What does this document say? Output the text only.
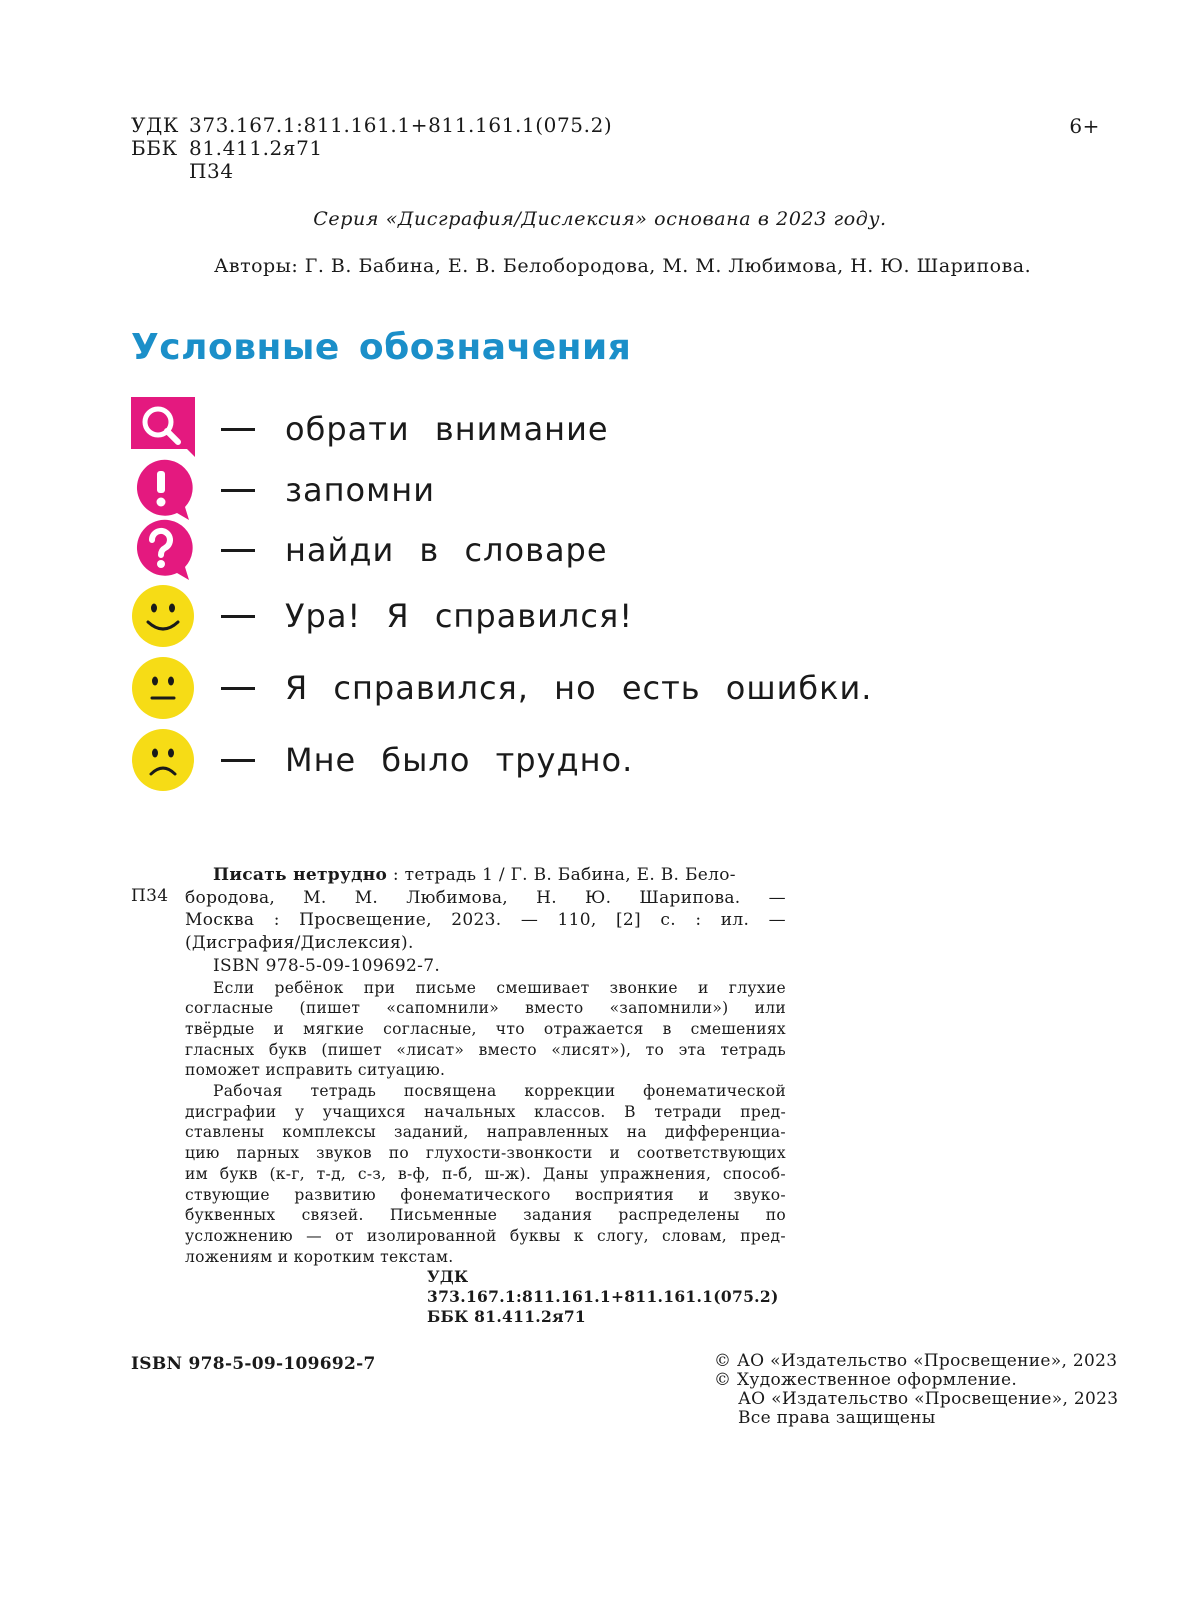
УДК 373.167.1:811.161.1+811.161.1(075.2)
ББК 81.411.2я71
П34
6+
Серия «Дисграфия/Дислексия» основана в 2023 году.
Авторы: Г. В. Бабина, Е. В. Белобородова, М. М. Любимова, Н. Ю. Шарипова.
Условные обозначения
обрати внимание
запомни
найди в словаре
Ура! Я справился!
Я справился, но есть ошибки.
Мне было трудно.
П34
Писать нетрудно : тетрадь 1 / Г. В. Бабина, Е. В. Бело-
бородова, М. М. Любимова, Н. Ю. Шарипова. —
Москва : Просвещение, 2023. — 110, [2] с. : ил. —
(Дисграфия/Дислексия).
ISBN 978-5-09-109692-7.
Если ребёнок при письме смешивает звонкие и глухие
согласные (пишет «сапомнили» вместо «запомнили») или
твёрдые и мягкие согласные, что отражается в смешениях
гласных букв (пишет «лисат» вместо «лисят»), то эта тетрадь
поможет исправить ситуацию.
Рабочая тетрадь посвящена коррекции фонематической
дисграфии у учащихся начальных классов. В тетради пред-
ставлены комплексы заданий, направленных на дифференциа-
цию парных звуков по глухости-звонкости и соответствующих
им букв (к-г, т-д, с-з, в-ф, п-б, ш-ж). Даны упражнения, способ-
ствующие развитию фонематического восприятия и звуко-
буквенных связей. Письменные задания распределены по
усложнению — от изолированной буквы к слогу, словам, пред-
ложениям и коротким текстам.
УДК 373.167.1:811.161.1+811.161.1(075.2)
ББК 81.411.2я71
ISBN 978-5-09-109692-7	© АО «Издательство «Просвещение», 2023
© Художественное оформление.
АО «Издательство «Просвещение», 2023
Все права защищены
